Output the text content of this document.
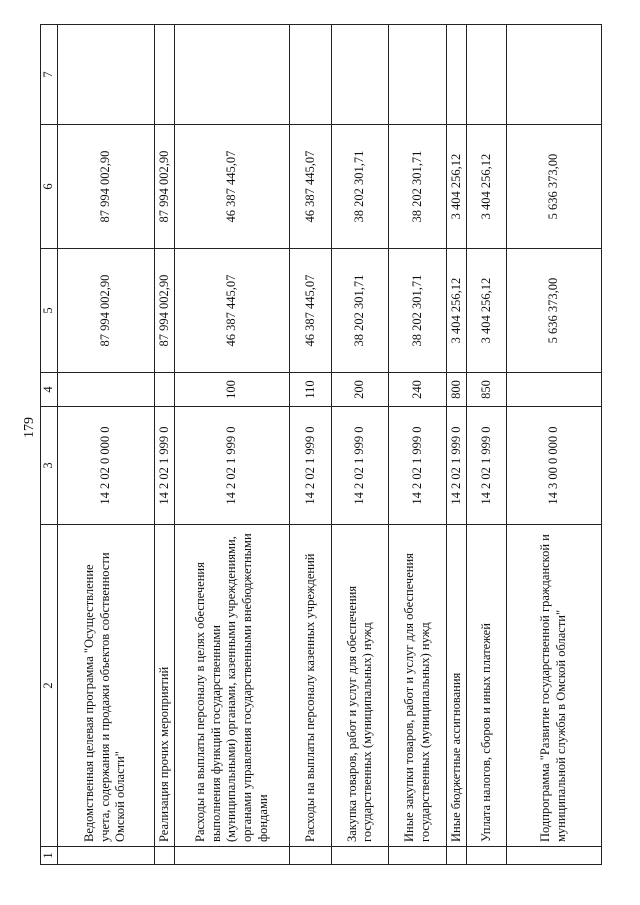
179
1	2	3	4	5	6	7
	Ведомственная целевая программа "Осуществление учета, содержания и продажи объектов собственности Омской области"	14 2 02 0 000 0		87 994 002,90	87 994 002,90	
	Реализация прочих мероприятий	14 2 02 1 999 0		87 994 002,90	87 994 002,90	
	Расходы на выплаты персоналу в целях обеспечения выполнения функций государственными (муниципальными) органами, казенными учреждениями, органами управления государственными внебюджетными фондами	14 2 02 1 999 0	100	46 387 445,07	46 387 445,07	
	Расходы на выплаты персоналу казенных учреждений	14 2 02 1 999 0	110	46 387 445,07	46 387 445,07	
	Закупка товаров, работ и услуг для обеспечения государственных (муниципальных) нужд	14 2 02 1 999 0	200	38 202 301,71	38 202 301,71	
	Иные закупки товаров, работ и услуг для обеспечения государственных (муниципальных) нужд	14 2 02 1 999 0	240	38 202 301,71	38 202 301,71	
	Иные бюджетные ассигнования	14 2 02 1 999 0	800	3 404 256,12	3 404 256,12	
	Уплата налогов, сборов и иных платежей	14 2 02 1 999 0	850	3 404 256,12	3 404 256,12	
	Подпрограмма "Развитие государственной гражданской и муниципальной службы в Омской области"	14 3 00 0 000 0		5 636 373,00	5 636 373,00	
